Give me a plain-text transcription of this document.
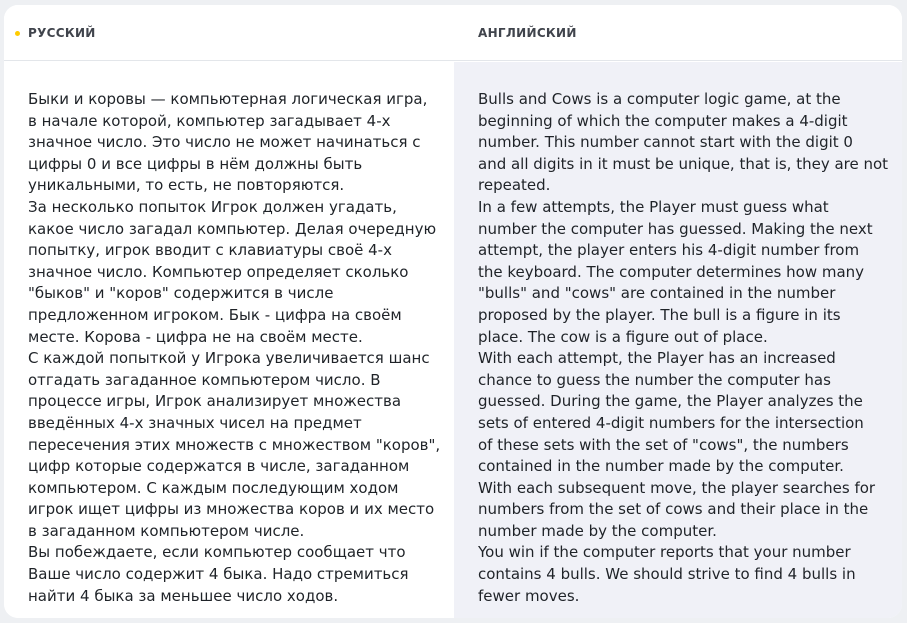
РУССКИЙ	АНГЛИЙСКИЙ
Быки и коровы — компьютерная логическая игра,
в начале которой, компьютер загадывает 4-х
значное число. Это число не может начинаться с
цифры 0 и все цифры в нём должны быть
уникальными, то есть, не повторяются.
За несколько попыток Игрок должен угадать,
какое число загадал компьютер. Делая очередную
попытку, игрок вводит с клавиатуры своё 4-х
значное число. Компьютер определяет сколько
"быков" и "коров" содержится в числе
предложенном игроком. Бык - цифра на своём
месте. Корова - цифра не на своём месте.
С каждой попыткой у Игрока увеличивается шанс
отгадать загаданное компьютером число. В
процессе игры, Игрок анализирует множества
введённых 4-х значных чисел на предмет
пересечения этих множеств с множеством "коров",
цифр которые содержатся в числе, загаданном
компьютером. С каждым последующим ходом
игрок ищет цифры из множества коров и их место
в загаданном компьютером числе.
Вы побеждаете, если компьютер сообщает что
Ваше число содержит 4 быка. Надо стремиться
найти 4 быка за меньшее число ходов.
Bulls and Cows is a computer logic game, at the
beginning of which the computer makes a 4-digit
number. This number cannot start with the digit 0
and all digits in it must be unique, that is, they are not
repeated.
In a few attempts, the Player must guess what
number the computer has guessed. Making the next
attempt, the player enters his 4-digit number from
the keyboard. The computer determines how many
"bulls" and "cows" are contained in the number
proposed by the player. The bull is a figure in its
place. The cow is a figure out of place.
With each attempt, the Player has an increased
chance to guess the number the computer has
guessed. During the game, the Player analyzes the
sets of entered 4-digit numbers for the intersection
of these sets with the set of "cows", the numbers
contained in the number made by the computer.
With each subsequent move, the player searches for
numbers from the set of cows and their place in the
number made by the computer.
You win if the computer reports that your number
contains 4 bulls. We should strive to find 4 bulls in
fewer moves.
